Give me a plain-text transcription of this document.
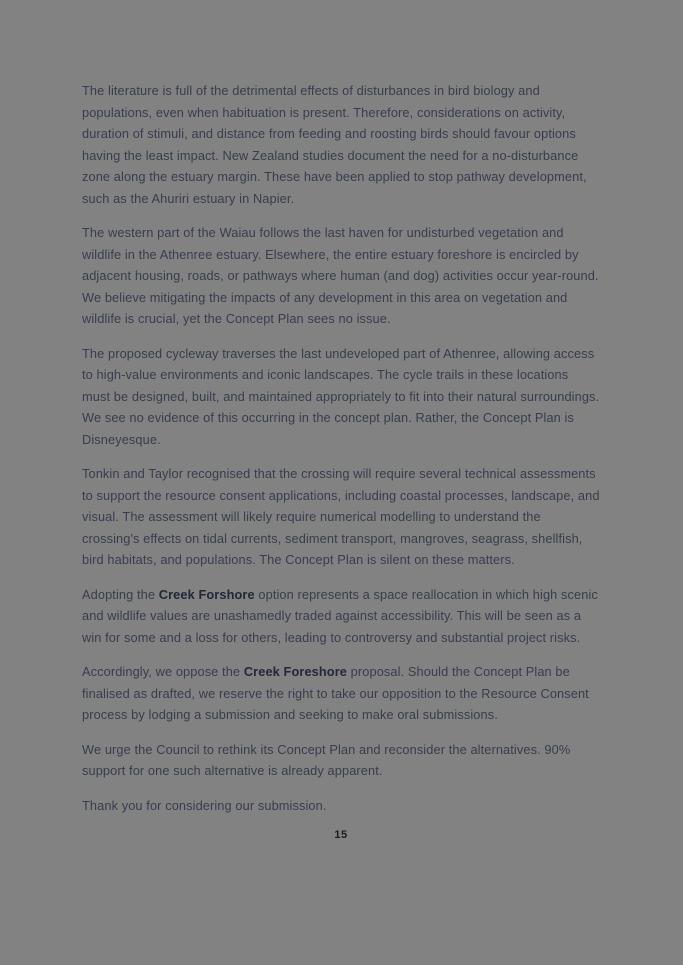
The literature is full of the detrimental effects of disturbances in bird biology and populations, even when habituation is present. Therefore, considerations on activity, duration of stimuli, and distance from feeding and roosting birds should favour options having the least impact. New Zealand studies document the need for a no-disturbance zone along the estuary margin. These have been applied to stop pathway development, such as the Ahuriri estuary in Napier.

The western part of the Waiau follows the last haven for undisturbed vegetation and wildlife in the Athenree estuary. Elsewhere, the entire estuary foreshore is encircled by adjacent housing, roads, or pathways where human (and dog) activities occur year-round. We believe mitigating the impacts of any development in this area on vegetation and wildlife is crucial, yet the Concept Plan sees no issue.

The proposed cycleway traverses the last undeveloped part of Athenree, allowing access to high-value environments and iconic landscapes. The cycle trails in these locations must be designed, built, and maintained appropriately to fit into their natural surroundings. We see no evidence of this occurring in the concept plan. Rather, the Concept Plan is Disneyesque.

Tonkin and Taylor recognised that the crossing will require several technical assessments to support the resource consent applications, including coastal processes, landscape, and visual. The assessment will likely require numerical modelling to understand the crossing's effects on tidal currents, sediment transport, mangroves, seagrass, shellfish, bird habitats, and populations. The Concept Plan is silent on these matters.

Adopting the Creek Forshore option represents a space reallocation in which high scenic and wildlife values are unashamedly traded against accessibility. This will be seen as a win for some and a loss for others, leading to controversy and substantial project risks.

Accordingly, we oppose the Creek Foreshore proposal. Should the Concept Plan be finalised as drafted, we reserve the right to take our opposition to the Resource Consent process by lodging a submission and seeking to make oral submissions.

We urge the Council to rethink its Concept Plan and reconsider the alternatives. 90% support for one such alternative is already apparent.

Thank you for considering our submission.

15
